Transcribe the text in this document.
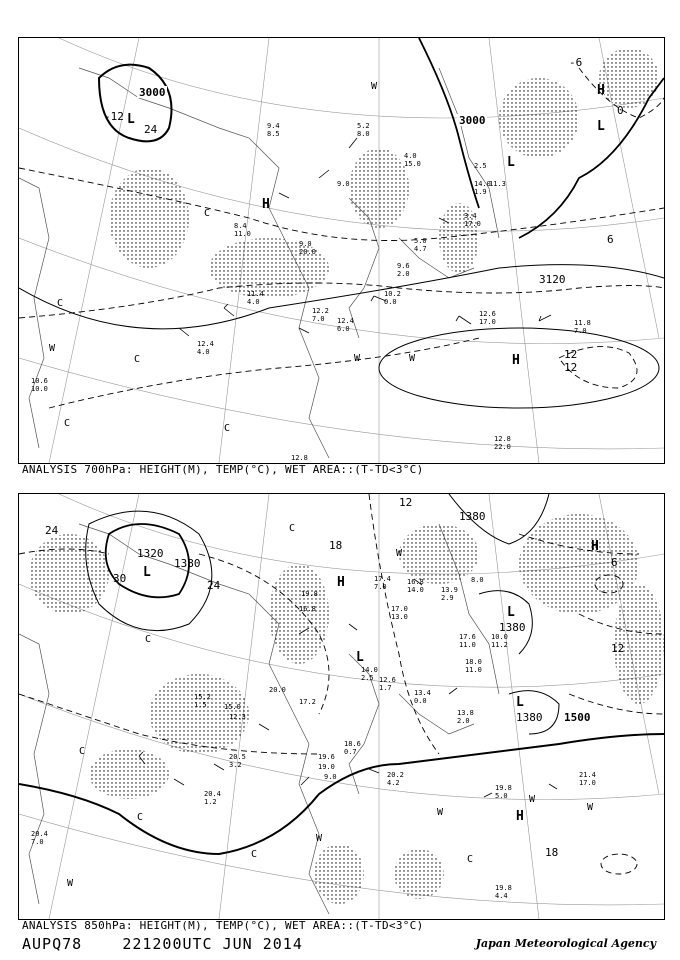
3000
3000
3120
12
12
-6
0
6
-12
24
L
L
L
H
H
H
W
W	W
W
C
C
C
C	C
12.6
17.0
12.8
22.0
10.2
0.0
12.2
7.0 12.4
6.0
5.0
4.7
4.0
15.0
9.0
20.0
8.4
11.0
10.6
10.0
12.8
9.0
11.8
7.0
3.4
17.0
14.0
1.9
5.2
8.0
9.6
2.0
2.5
11.3
9.4
8.5
12.4
4.0
11.4
4.0
ANALYSIS 700hPa: HEIGHT(M), TEMP(°C), WET AREA::(T-TD<3°C)
1500
1380
1380
1380
1320
1380
24
30
24
18
12
12
6
18
L
L
L
L
H
H
H
W
W
W
W
W
W
C
C
C
C
C
C
20.2
4.2
19.8
5.0
21.4
17.0
19.8
4.4
20.4
7.0
20.4
1.2
20.5
3.2
18.6
0.7
17.4
7.0
16.8
14.0
17.0
13.0
14.0
2.5
13.4
0.0
13.8
2.0
12.6
1.7
13.9
2.9
18.0
11.0
17.6
11.0
10.0
11.2
8.0
19.8
16.8
17.2
20.0
19.6
19.0
9.0
15.0
12.3
15.2
1.5
ANALYSIS 850hPa: HEIGHT(M), TEMP(°C), WET AREA::(T-TD<3°C)
AUPQ78	221200UTC JUN 2014	Japan Meteorological Agency
